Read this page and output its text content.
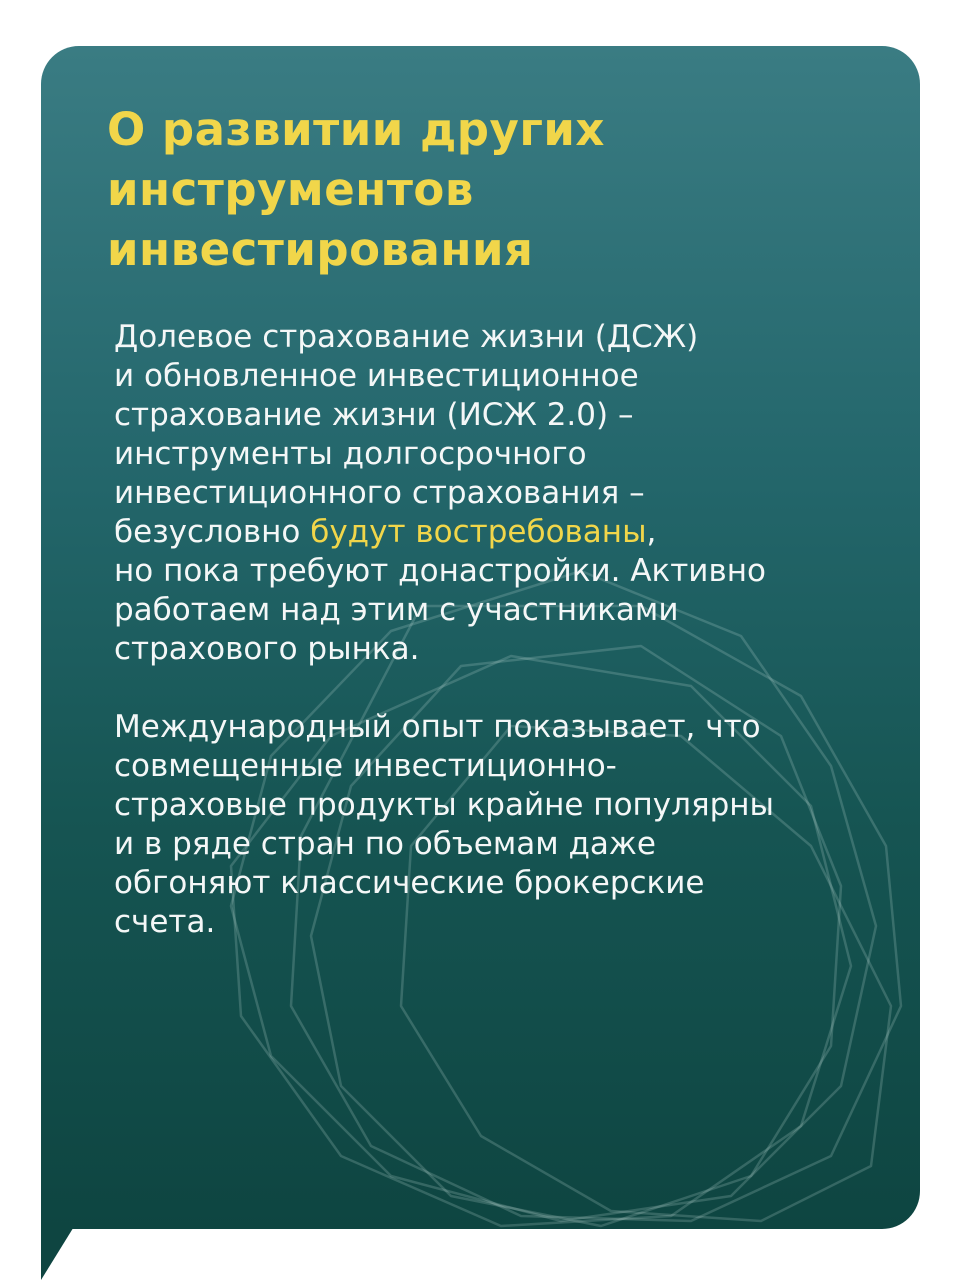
О развитии других
инструментов
инвестирования

Долевое страхование жизни (ДСЖ)
и обновленное инвестиционное
страхование жизни (ИСЖ 2.0) –
инструменты долгосрочного
инвестиционного страхования –
безусловно будут востребованы,
но пока требуют донастройки. Активно
работаем над этим с участниками
страхового рынка.

Международный опыт показывает, что
совмещенные инвестиционно-
страховые продукты крайне популярны
и в ряде стран по объемам даже
обгоняют классические брокерские
счета.
